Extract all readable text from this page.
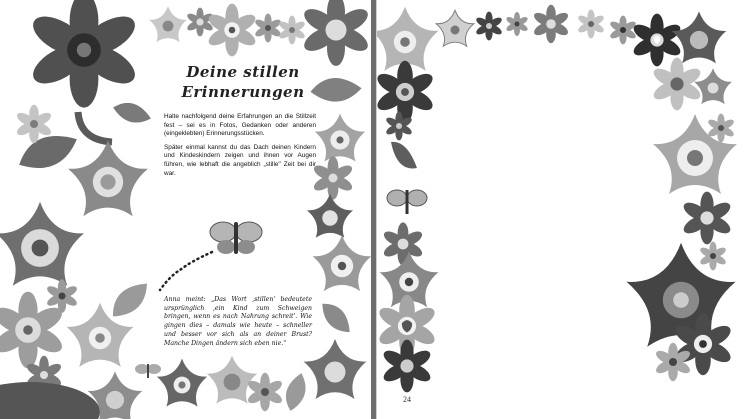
Deine stillen
Erinnerungen

Halte nachfolgend deine Erfahrungen an die Stillzeit fest – sei es in Fotos, Gedanken oder anderen (eingeklebten) Erinnerungsstücken.

Später einmal kannst du das Dach deinen Kindern und Kindeskindern zeigen und ihnen vor Augen führen, wie lebhaft die angeblich „stille" Zeit bei dir war.

Anna meint: „Das Wort ‚stillen' bedeutete ursprünglich ‚ein Kind zum Schweigen bringen, wenn es nach Nahrung schreit'. Wie gingen dies – damals wie heute – schneller und besser vor sich als an deiner Brust? Manche Dingen ändern sich eben nie."
24
